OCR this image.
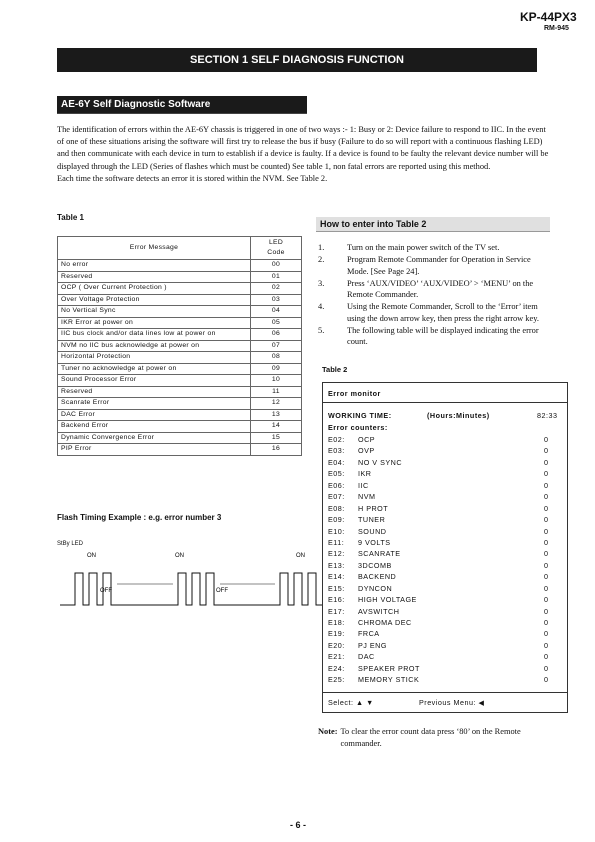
KP-44PX3
RM-945
SECTION 1 SELF DIAGNOSIS FUNCTION
AE-6Y Self Diagnostic Software
The identification of errors within the AE-6Y chassis is triggered in one of two ways :- 1: Busy or 2: Device failure to respond to IIC. In the event of one of these situations arising the software will first try to release the bus if busy (Failure to do so will report with a continuous flashing LED) and then communicate with each device in turn to establish if a device is faulty. If a device is found to be faulty the relevant device number will be displayed through the LED (Series of flashes which must be counted) See table 1, non fatal errors are reported using this method.
Each time the software detects an error it is stored within the NVM. See Table 2.
Table 1
Error Message	LED
Code

No error	00
Reserved	01
OCP ( Over Current Protection )	02
Over Voltage Protection	03
No Vertical Sync	04
IKR Error at power on	05
IIC bus clock and/or data lines low at power on	06
NVM no IIC bus acknowledge at power on	07
Horizontal Protection	08
Tuner no acknowledge at power on	09
Sound Processor Error	10
Reserved	11
Scanrate Error	12
DAC Error	13
Backend Error	14
Dynamic Convergence Error	15
PIP Error	16
How to enter into Table 2
1.	Turn on the main power switch of the TV set.
2.	Program Remote Commander for Operation in Service Mode. [See Page 24].
3.	Press ‘AUX/VIDEO’ ‘AUX/VIDEO’ > ‘MENU’ on the Remote Commander.
4.	Using the Remote Commander, Scroll to the ‘Error’ item using the down arrow key, then press the right arrow key.
5.	The following table will be displayed indicating the error count.
Table 2
Error monitor
WORKING TIME:	(Hours:Minutes)	82:33
Error counters:
E02: OCP	0
E03: OVP	0
E04: NO V SYNC	0
E05: IKR	0
E06: IIC	0
E07: NVM	0
E08: H PROT	0
E09: TUNER	0
E10: SOUND	0
E11: 9 VOLTS	0
E12: SCANRATE	0
E13: 3DCOMB	0
E14: BACKEND	0
E15: DYNCON	0
E16: HIGH VOLTAGE	0
E17: AVSWITCH	0
E18: CHROMA DEC	0
E19: FRCA	0
E20: PJ ENG	0
E21: DAC	0
E24: SPEAKER PROT	0
E25: MEMORY STICK	0
Select: ▲ ▼	Previous Menu: ◀
Note: To clear the error count data press ‘80’ on the Remote commander.
Flash Timing Example : e.g. error number 3
StBy LED
ON	ON	ON
OFF	OFF
- 6 -
